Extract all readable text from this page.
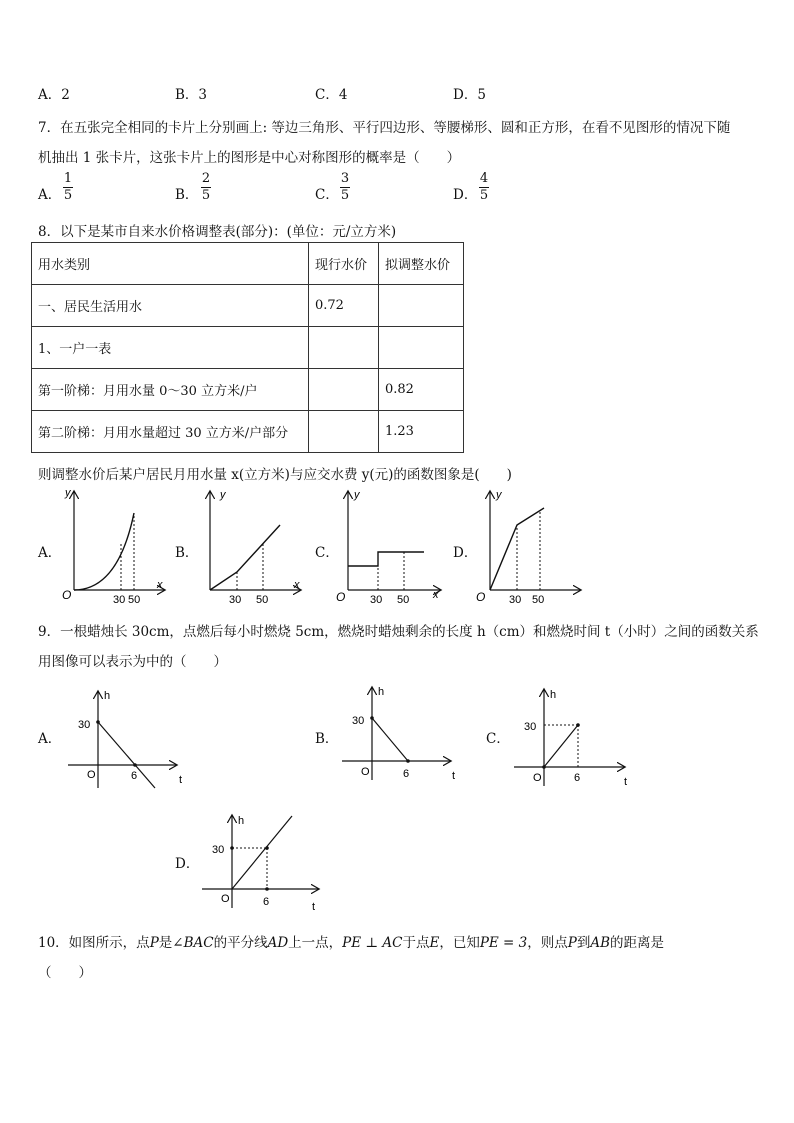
A．2	B．3	C．4	D．5
7．在五张完全相同的卡片上分别画上: 等边三角形、平行四边形、等腰梯形、圆和正方形，在看不见图形的情况下随
机抽出 1 张卡片，这张卡片上的图形是中心对称图形的概率是（　　）
A．
1
5	B．
2
5	C．
3
5	D．
4
5
8．以下是某市自来水价格调整表(部分)：(单位：元/立方米)
用水类别	现行水价	拟调整水价
一、居民生活用水	0.72	
1、一户一表		
第一阶梯：月用水量 0～30 立方米/户		0.82
第二阶梯：月用水量超过 30 立方米/户部分		1.23
则调整水价后某户居民月用水量 x(立方米)与应交水费 y(元)的函数图象是(　　)
A．	B．	C．	D．
y
x
O	30 50
y
x
30 50
y
x
O 30 50
y
O 30 50
9．一根蜡烛长 30cm，点燃后每小时燃烧 5cm，燃烧时蜡烛剩余的长度 h（cm）和燃烧时间 t（小时）之间的函数关系
用图像可以表示为中的（　　）
A．	B．	C．
D．
h
30
O	6	t
h
30
O	6	t
h
30
O	6	t
h
30
O	6	t
10．如图所示，点P是∠BAC的平分线AD上一点，PE ⊥ AC于点E，已知PE = 3，则点P到AB的距离是
（　　）
